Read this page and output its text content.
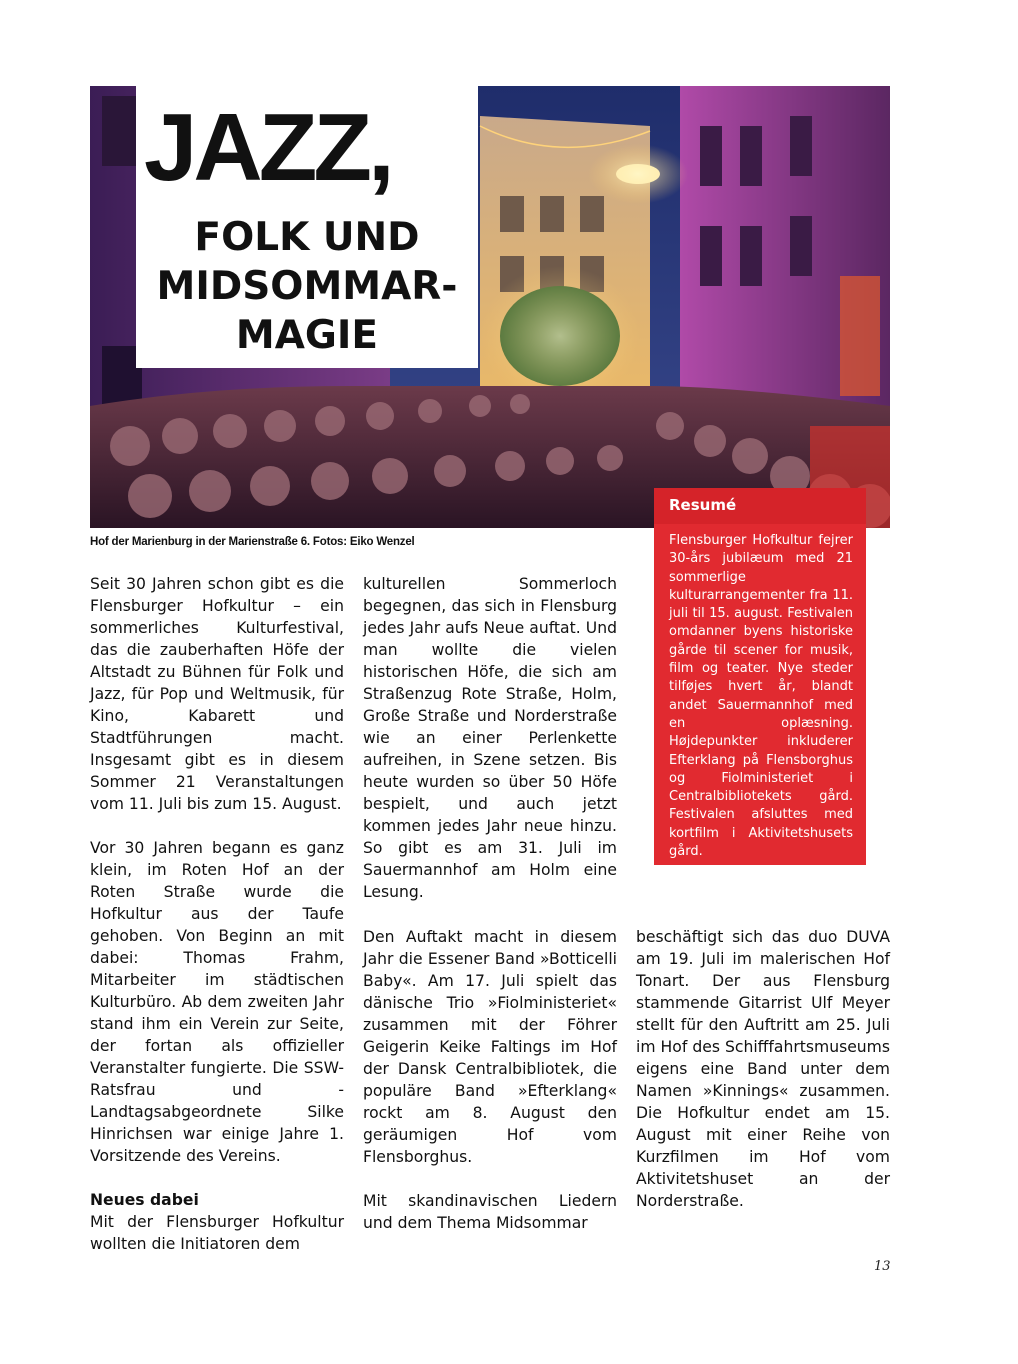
JAZZ,
FOLK UND
MIDSOMMAR-
MAGIE
Hof der Marienburg in der Marienstraße 6. Fotos: Eiko Wenzel
Resumé
Flensburger Hofkultur fejrer 30-års jubilæum med 21 sommerlige kulturarrangementer fra 11. juli til 15. august. Festivalen omdanner byens historiske gårde til scener for musik, film og teater. Nye steder tilføjes hvert år, blandt andet Sauermannhof med en oplæsning. Højdepunkter inkluderer Efterklang på Flensborghus og Fiolministeriet i Centralbibliotekets gård. Festivalen afsluttes med kortfilm i Aktivitetshusets gård.

Seit 30 Jahren schon gibt es die Flensburger Hofkultur – ein sommerliches Kulturfestival, das die zauberhaften Höfe der Altstadt zu Bühnen für Folk und Jazz, für Pop und Weltmusik, für Kino, Kabarett und Stadtführungen macht. Insgesamt gibt es in diesem Sommer 21 Veranstaltungen vom 11. Juli bis zum 15. August.

Vor 30 Jahren begann es ganz klein, im Roten Hof an der Roten Straße wurde die Hofkultur aus der Taufe gehoben. Von Beginn an mit dabei: Thomas Frahm, Mitarbeiter im städtischen Kulturbüro. Ab dem zweiten Jahr stand ihm ein Verein zur Seite, der fortan als offizieller Veranstalter fungierte. Die SSW-Ratsfrau und -Landtagsabgeordnete Silke Hinrichsen war einige Jahre 1. Vorsitzende des Vereins.

Neues dabei

Mit der Flensburger Hofkultur wollten die Initiatoren dem

kulturellen Sommerloch begegnen, das sich in Flensburg jedes Jahr aufs Neue auftat. Und man wollte die vielen historischen Höfe, die sich am Straßenzug Rote Straße, Holm, Große Straße und Norderstraße wie an einer Perlenkette aufreihen, in Szene setzen. Bis heute wurden so über 50 Höfe bespielt, und auch jetzt kommen jedes Jahr neue hinzu. So gibt es am 31. Juli im Sauermannhof am Holm eine Lesung.

Den Auftakt macht in diesem Jahr die Essener Band »Botticelli Baby«. Am 17. Juli spielt das dänische Trio »Fiolministeriet« zusammen mit der Föhrer Geigerin Keike Faltings im Hof der Dansk Centralbibliotek, die populäre Band »Efterklang« rockt am 8. August den geräumigen Hof vom Flensborghus.

Mit skandinavischen Liedern und dem Thema Midsommar

beschäftigt sich das duo DUVA am 19. Juli im malerischen Hof Tonart. Der aus Flensburg stammende Gitarrist Ulf Meyer stellt für den Auftritt am 25. Juli im Hof des Schifffahrtsmuseums eigens eine Band unter dem Namen »Kinnings« zusammen. Die Hofkultur endet am 15. August mit einer Reihe von Kurzfilmen im Hof vom Aktivitetshuset an der Norderstraße.

13
